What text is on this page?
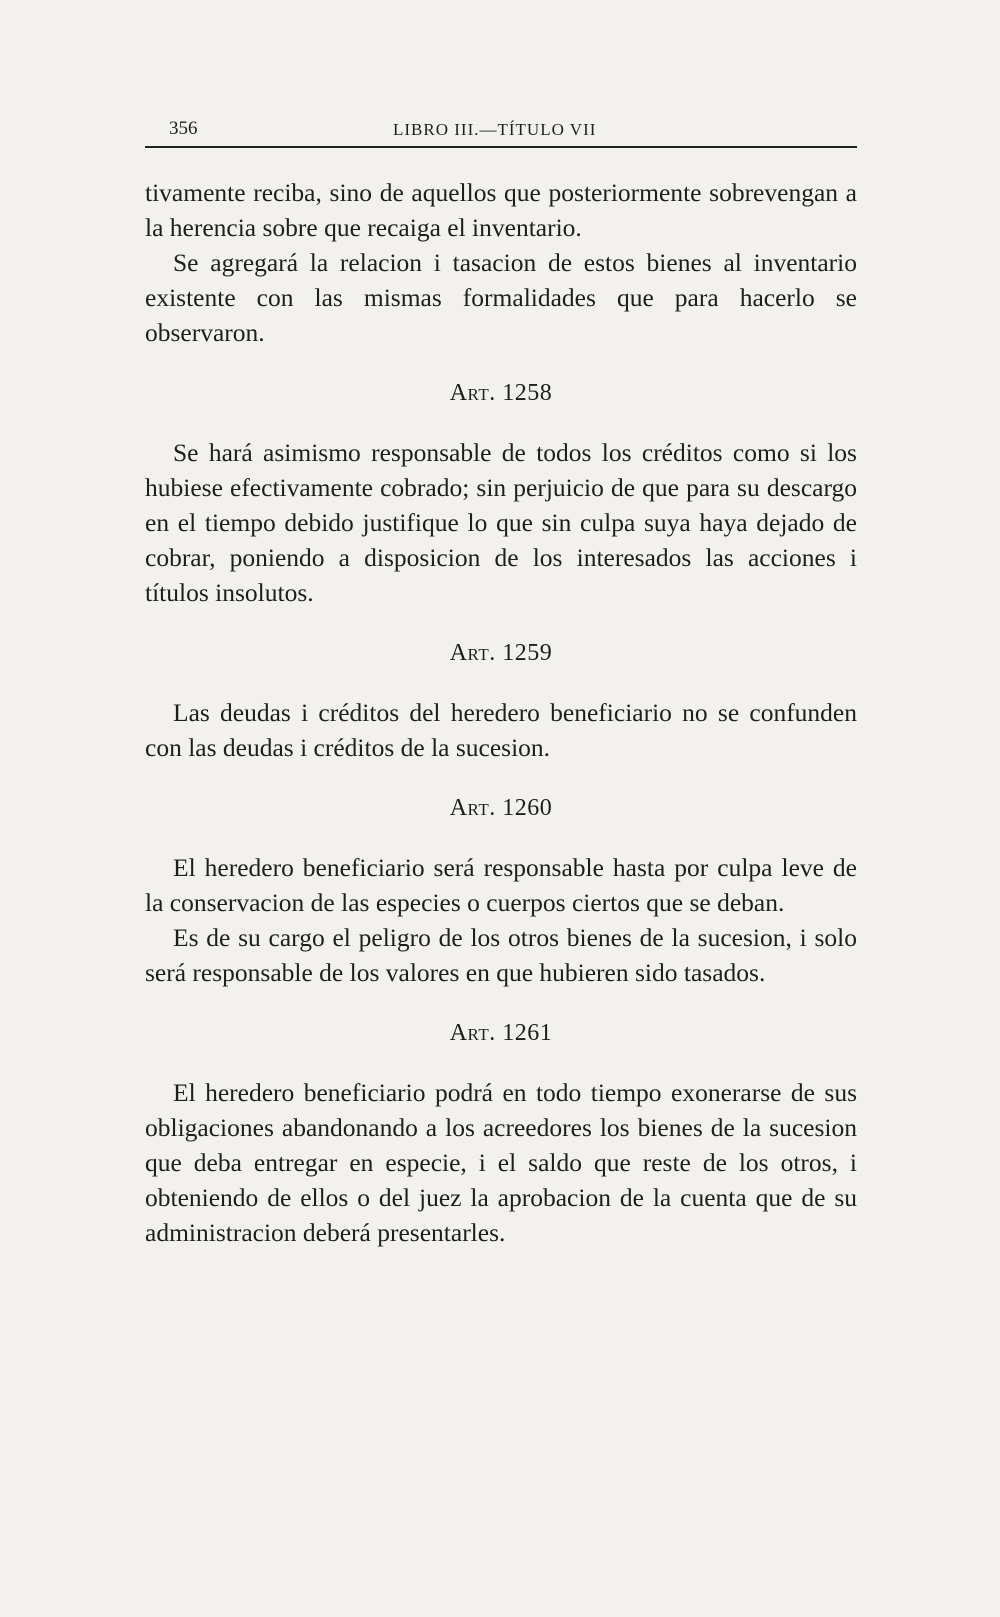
356	LIBRO III.—TÍTULO VII

tivamente reciba, sino de aquellos que posteriormente sobrevengan a la herencia sobre que recaiga el inventario.

Se agregará la relacion i tasacion de estos bienes al inventario existente con las mismas formalidades que para hacerlo se observaron.

Art. 1258

Se hará asimismo responsable de todos los créditos como si los hubiese efectivamente cobrado; sin perjuicio de que para su descargo en el tiempo debido justifique lo que sin culpa suya haya dejado de cobrar, poniendo a disposicion de los interesados las acciones i títulos insolutos.

Art. 1259

Las deudas i créditos del heredero beneficiario no se confunden con las deudas i créditos de la sucesion.

Art. 1260

El heredero beneficiario será responsable hasta por culpa leve de la conservacion de las especies o cuerpos ciertos que se deban.

Es de su cargo el peligro de los otros bienes de la sucesion, i solo será responsable de los valores en que hubieren sido tasados.

Art. 1261

El heredero beneficiario podrá en todo tiempo exonerarse de sus obligaciones abandonando a los acreedores los bienes de la sucesion que deba entregar en especie, i el saldo que reste de los otros, i obteniendo de ellos o del juez la aprobacion de la cuenta que de su administracion deberá presentarles.
